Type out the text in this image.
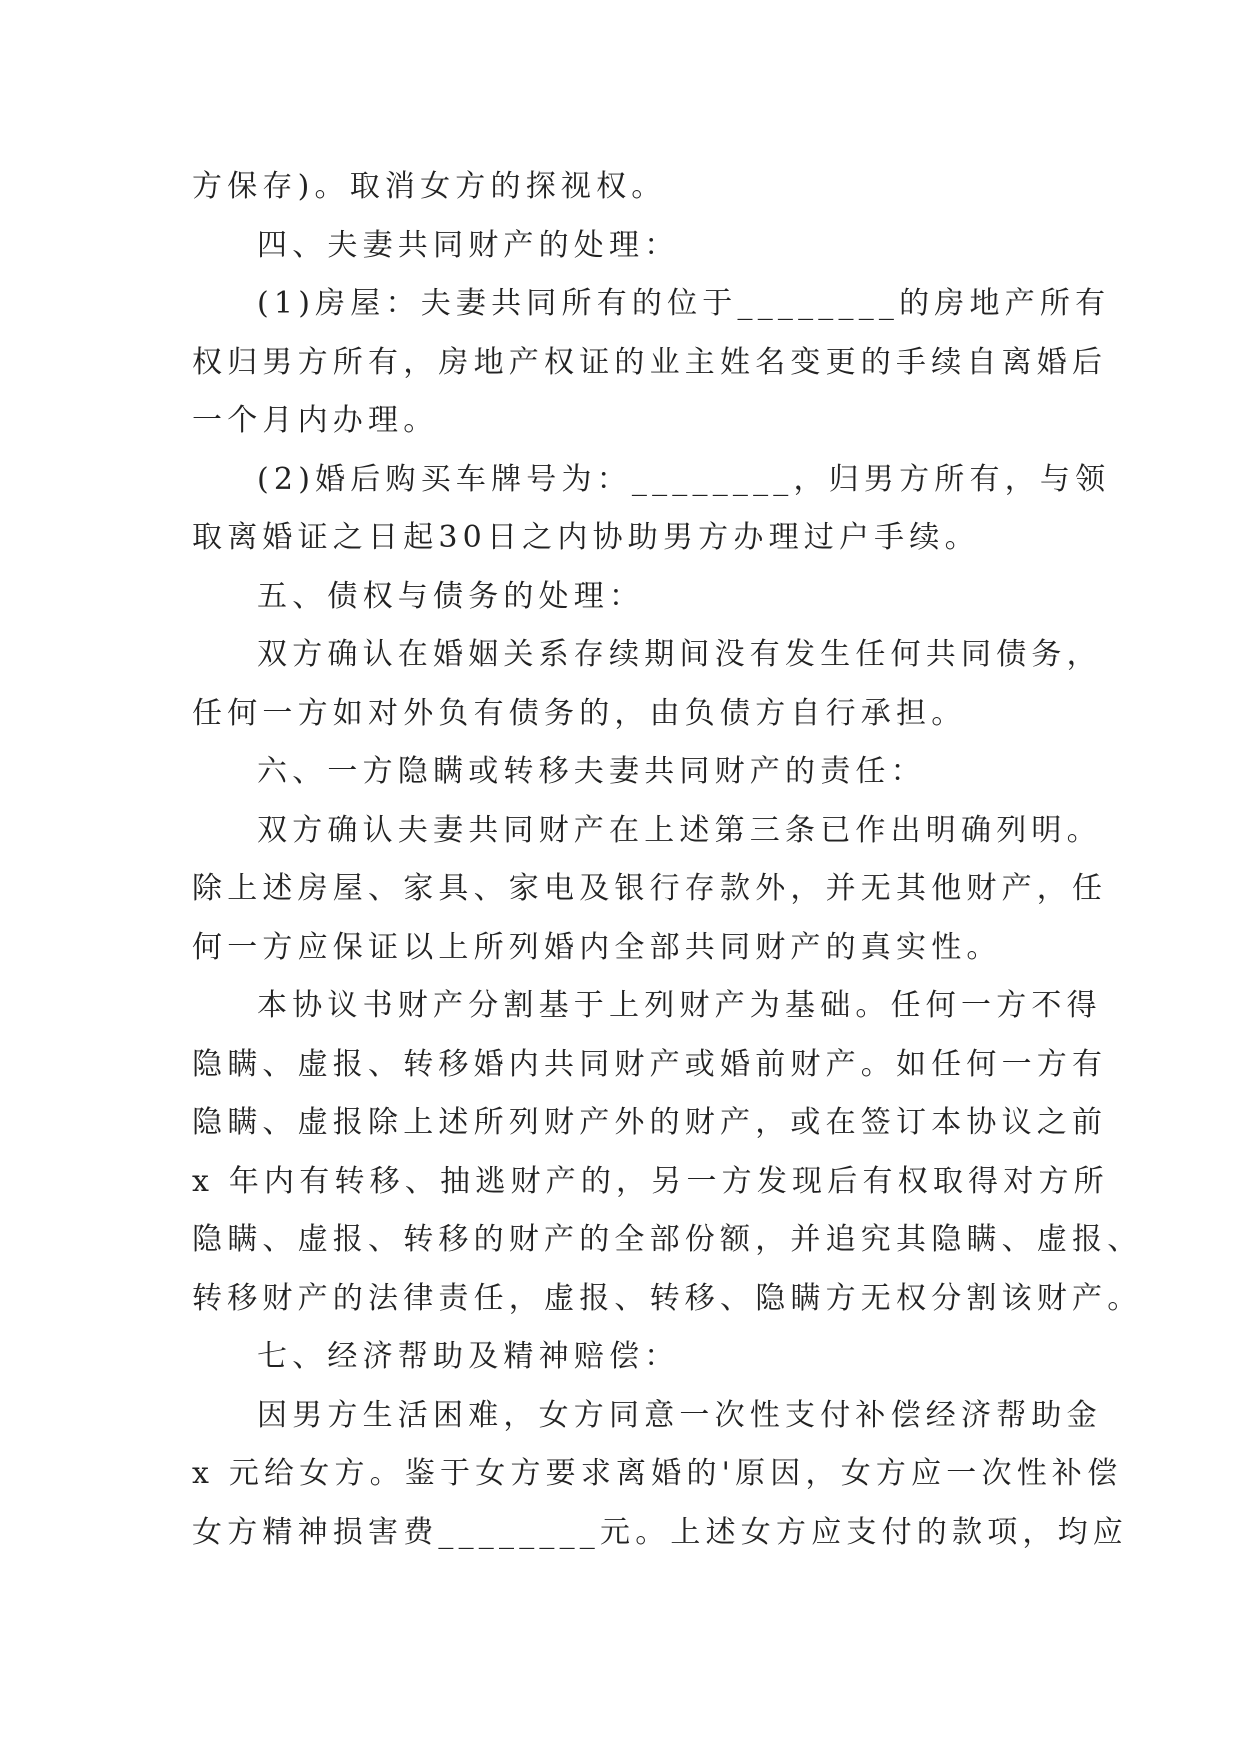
方保存)。取消女方的探视权。

四、夫妻共同财产的处理：

(1)房屋：夫妻共同所有的位于________的房地产所有

权归男方所有，房地产权证的业主姓名变更的手续自离婚后

一个月内办理。

(2)婚后购买车牌号为：________，归男方所有，与领

取离婚证之日起30日之内协助男方办理过户手续。

五、债权与债务的处理：

双方确认在婚姻关系存续期间没有发生任何共同债务，

任何一方如对外负有债务的，由负债方自行承担。

六、一方隐瞒或转移夫妻共同财产的责任：

双方确认夫妻共同财产在上述第三条已作出明确列明。

除上述房屋、家具、家电及银行存款外，并无其他财产，任

何一方应保证以上所列婚内全部共同财产的真实性。

本协议书财产分割基于上列财产为基础。任何一方不得

隐瞒、虚报、转移婚内共同财产或婚前财产。如任何一方有

隐瞒、虚报除上述所列财产外的财产，或在签订本协议之前

x 年内有转移、抽逃财产的，另一方发现后有权取得对方所

隐瞒、虚报、转移的财产的全部份额，并追究其隐瞒、虚报、

转移财产的法律责任，虚报、转移、隐瞒方无权分割该财产。

七、经济帮助及精神赔偿：

因男方生活困难，女方同意一次性支付补偿经济帮助金

x 元给女方。鉴于女方要求离婚的'原因，女方应一次性补偿

女方精神损害费________元。上述女方应支付的款项，均应
